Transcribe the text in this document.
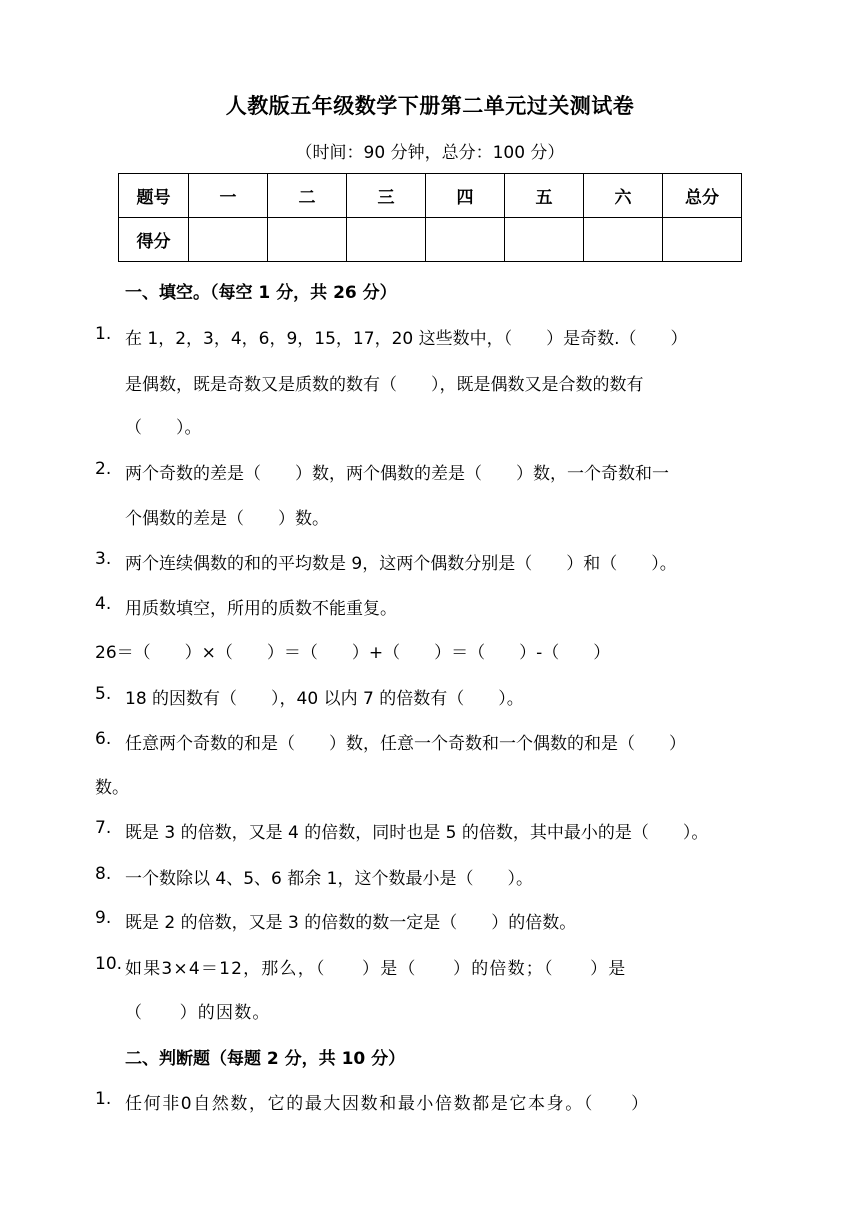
人教版五年级数学下册第二单元过关测试卷
（时间：90 分钟，总分：100 分）
题号	一	二	三	四	五	六	总分
得分							
一、填空。（每空 1 分，共 26 分）
1. 在 1，2，3，4，6，9，15，17，20 这些数中，（　　）是奇数.（　　）
是偶数，既是奇数又是质数的数有（　　），既是偶数又是合数的数有
（　　）。
2. 两个奇数的差是（　　）数，两个偶数的差是（　　）数，一个奇数和一
个偶数的差是（　　）数。
3. 两个连续偶数的和的平均数是 9，这两个偶数分别是（　　）和（　　）。
4. 用质数填空，所用的质数不能重复。
26＝（　　）×（　　）＝（　　）+（　　）＝（　　）-（　　）
5. 18 的因数有（　　），40 以内 7 的倍数有（　　）。
6. 任意两个奇数的和是（　　）数，任意一个奇数和一个偶数的和是（　　）
数。
7. 既是 3 的倍数，又是 4 的倍数，同时也是 5 的倍数，其中最小的是（　　）。
8. 一个数除以 4、5、6 都余 1，这个数最小是（　　）。
9. 既是 2 的倍数，又是 3 的倍数的数一定是（　　）的倍数。
10. 如果3×4＝12，那么，（　　）是（　　）的倍数；（　　）是
（　　）的因数。
二、判断题（每题 2 分，共 10 分）
1. 任何非0自然数，它的最大因数和最小倍数都是它本身。（　　）
